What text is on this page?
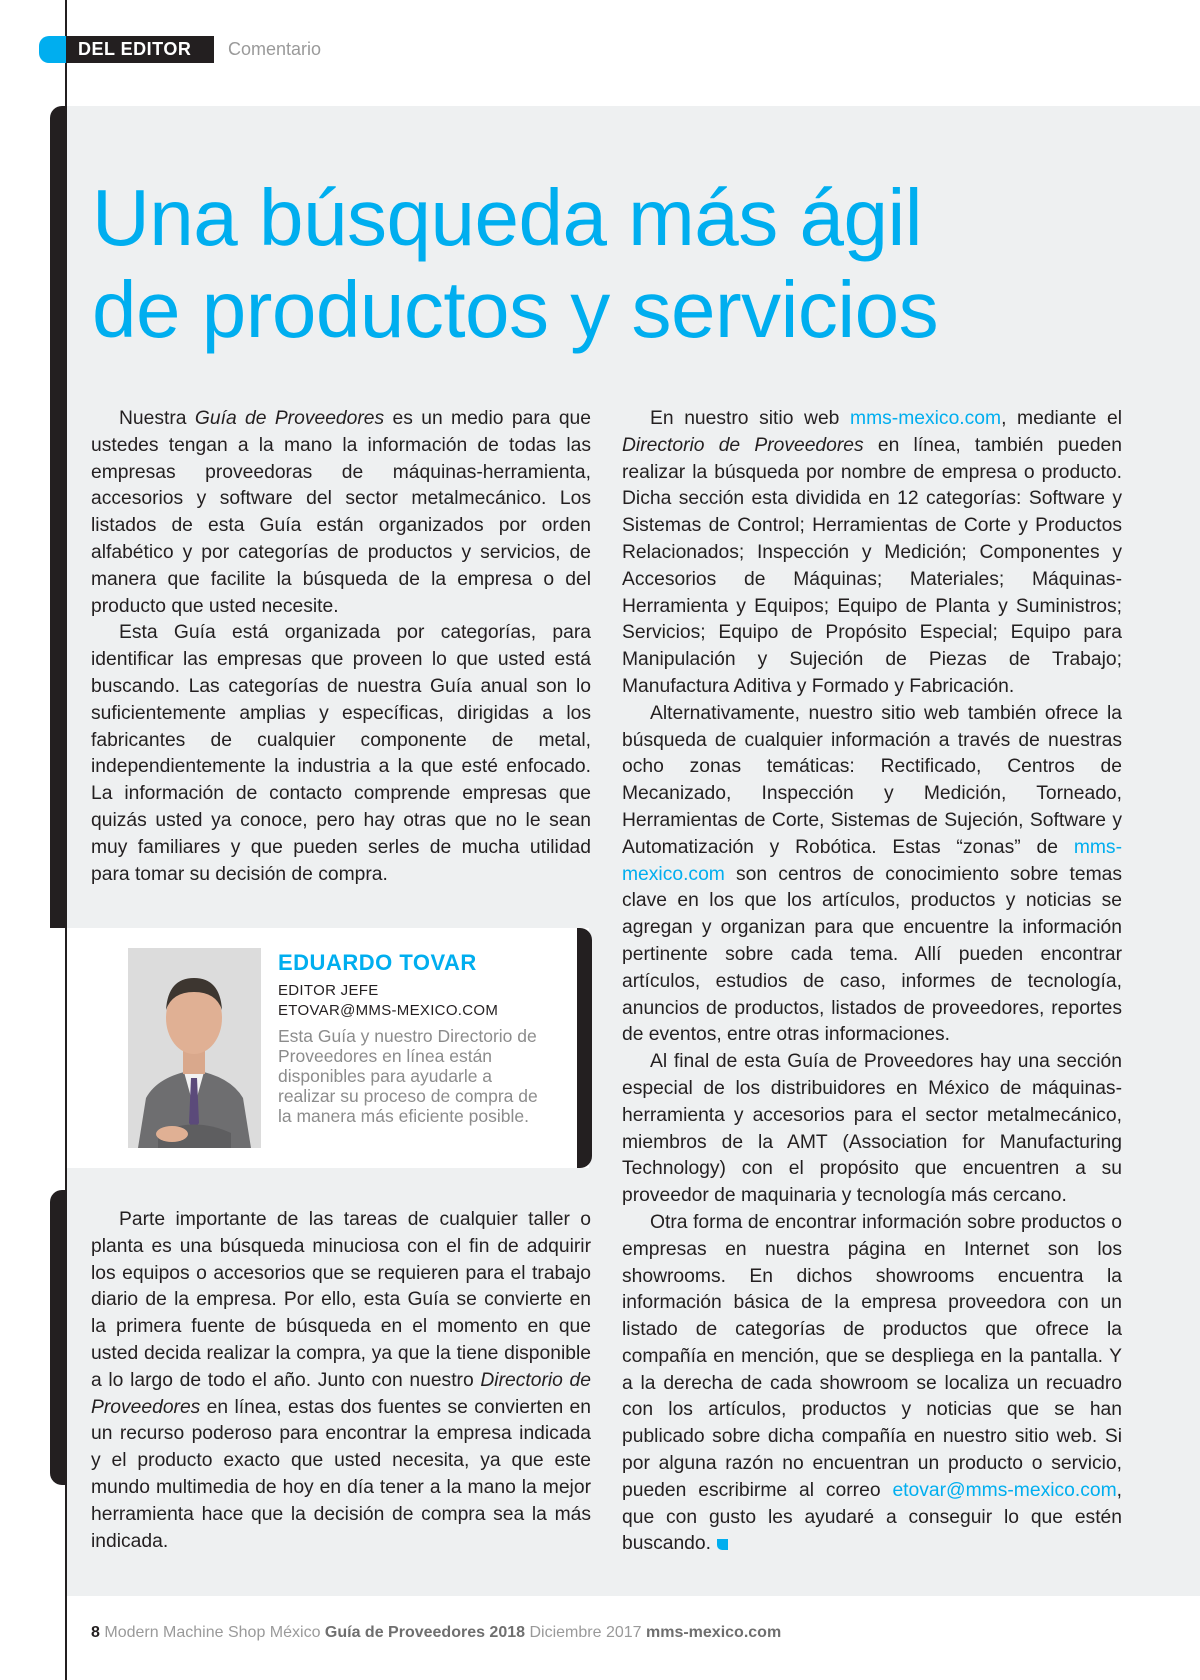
DEL EDITOR	Comentario
Una búsqueda más ágil
de productos y servicios

Nuestra Guía de Proveedores es un medio para que ustedes tengan a la mano la información de todas las empresas proveedoras de máquinas-herramienta, accesorios y software del sector metalmecánico. Los listados de esta Guía están organizados por orden alfabético y por categorías de productos y servicios, de manera que facilite la búsqueda de la empresa o del producto que usted necesite.

Esta Guía está organizada por categorías, para identificar las empresas que proveen lo que usted está buscando. Las categorías de nuestra Guía anual son lo suficientemente amplias y específicas, dirigidas a los fabricantes de cualquier componente de metal, independientemente la industria a la que esté enfocado. La información de contacto comprende empresas que quizás usted ya conoce, pero hay otras que no le sean muy familiares y que pueden serles de mucha utilidad para tomar su decisión de compra.

EDUARDO TOVAR
EDITOR JEFE
ETOVAR@MMS-MEXICO.COM
Esta Guía y nuestro Directorio de Proveedores en línea están disponibles para ayudarle a realizar su proceso de compra de la manera más eficiente posible.

Parte importante de las tareas de cualquier taller o planta es una búsqueda minuciosa con el fin de adquirir los equipos o accesorios que se requieren para el trabajo diario de la empresa. Por ello, esta Guía se convierte en la primera fuente de búsqueda en el momento en que usted decida realizar la compra, ya que la tiene disponible a lo largo de todo el año. Junto con nuestro Directorio de Proveedores en línea, estas dos fuentes se convierten en un recurso poderoso para encontrar la empresa indicada y el producto exacto que usted necesita, ya que este mundo multimedia de hoy en día tener a la mano la mejor herramienta hace que la decisión de compra sea la más indicada.

En nuestro sitio web mms-mexico.com, mediante el Directorio de Proveedores en línea, también pueden realizar la búsqueda por nombre de empresa o producto. Dicha sección esta dividida en 12 categorías: Software y Sistemas de Control; Herramientas de Corte y Productos Relacionados; Inspección y Medición; Componentes y Accesorios de Máquinas; Materiales; Máquinas-Herramienta y Equipos; Equipo de Planta y Suministros; Servicios; Equipo de Propósito Especial; Equipo para Manipulación y Sujeción de Piezas de Trabajo; Manufactura Aditiva y Formado y Fabricación.

Alternativamente, nuestro sitio web también ofrece la búsqueda de cualquier información a través de nuestras ocho zonas temáticas: Rectificado, Centros de Mecanizado, Inspección y Medición, Torneado, Herramientas de Corte, Sistemas de Sujeción, Software y Automatización y Robótica. Estas “zonas” de mms-mexico.com son centros de conocimiento sobre temas clave en los que los artículos, productos y noticias se agregan y organizan para que encuentre la información pertinente sobre cada tema. Allí pueden encontrar artículos, estudios de caso, informes de tecnología, anuncios de productos, listados de proveedores, reportes de eventos, entre otras informaciones.

Al final de esta Guía de Proveedores hay una sección especial de los distribuidores en México de máquinas-herramienta y accesorios para el sector metalmecánico, miembros de la AMT (Association for Manufacturing Technology) con el propósito que encuentren a su proveedor de maquinaria y tecnología más cercano.

Otra forma de encontrar información sobre productos o empresas en nuestra página en Internet son los showrooms. En dichos showrooms encuentra la información básica de la empresa proveedora con un listado de categorías de productos que ofrece la compañía en mención, que se despliega en la pantalla. Y a la derecha de cada showroom se localiza un recuadro con los artículos, productos y noticias que se han publicado sobre dicha compañía en nuestro sitio web. Si por alguna razón no encuentran un producto o servicio, pueden escribirme al correo etovar@mms-mexico.com, que con gusto les ayudaré a conseguir lo que estén buscando.

8 Modern Machine Shop México Guía de Proveedores 2018 Diciembre 2017 mms-mexico.com
